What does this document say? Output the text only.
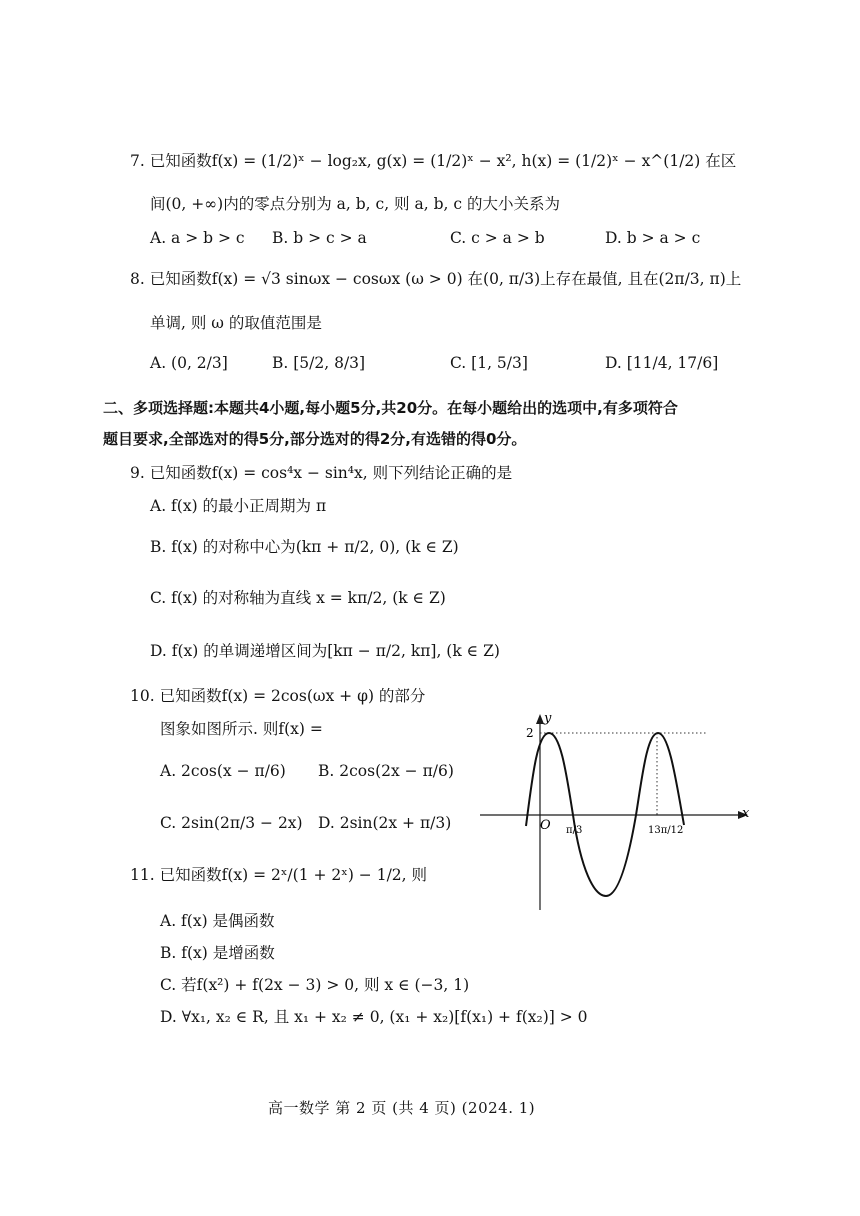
7. 已知函数f(x) = (1/2)ˣ − log₂x, g(x) = (1/2)ˣ − x², h(x) = (1/2)ˣ − x^(1/2) 在区
间(0, +∞)内的零点分别为 a, b, c, 则 a, b, c 的大小关系为
A. a > b > c B. b > c > a	C. c > a > b	D. b > a > c
8. 已知函数f(x) = √3 sinωx − cosωx (ω > 0) 在(0, π/3)上存在最值, 且在(2π/3, π)上
单调, 则 ω 的取值范围是
A. (0, 2/3]	B. [5/2, 8/3]	C. [1, 5/3]	D. [11/4, 17/6]
二、多项选择题:本题共4小题,每小题5分,共20分。在每小题给出的选项中,有多项符合
题目要求,全部选对的得5分,部分选对的得2分,有选错的得0分。
9. 已知函数f(x) = cos⁴x − sin⁴x, 则下列结论正确的是
A. f(x) 的最小正周期为 π
B. f(x) 的对称中心为(kπ + π/2, 0), (k ∈ Z)
C. f(x) 的对称轴为直线 x = kπ/2, (k ∈ Z)
D. f(x) 的单调递增区间为[kπ − π/2, kπ], (k ∈ Z)
10. 已知函数f(x) = 2cos(ωx + φ) 的部分
图象如图所示. 则f(x) =
A. 2cos(x − π/6) B. 2cos(2x − π/6)
C. 2sin(2π/3 − 2x) D. 2sin(2x + π/3)
y
x
O
2
π/3	13π/12
11. 已知函数f(x) = 2ˣ/(1 + 2ˣ) − 1/2, 则
A. f(x) 是偶函数
B. f(x) 是增函数
C. 若f(x²) + f(2x − 3) > 0, 则 x ∈ (−3, 1)
D. ∀x₁, x₂ ∈ R, 且 x₁ + x₂ ≠ 0, (x₁ + x₂)[f(x₁) + f(x₂)] > 0
高一数学 第 2 页 (共 4 页) (2024. 1)
